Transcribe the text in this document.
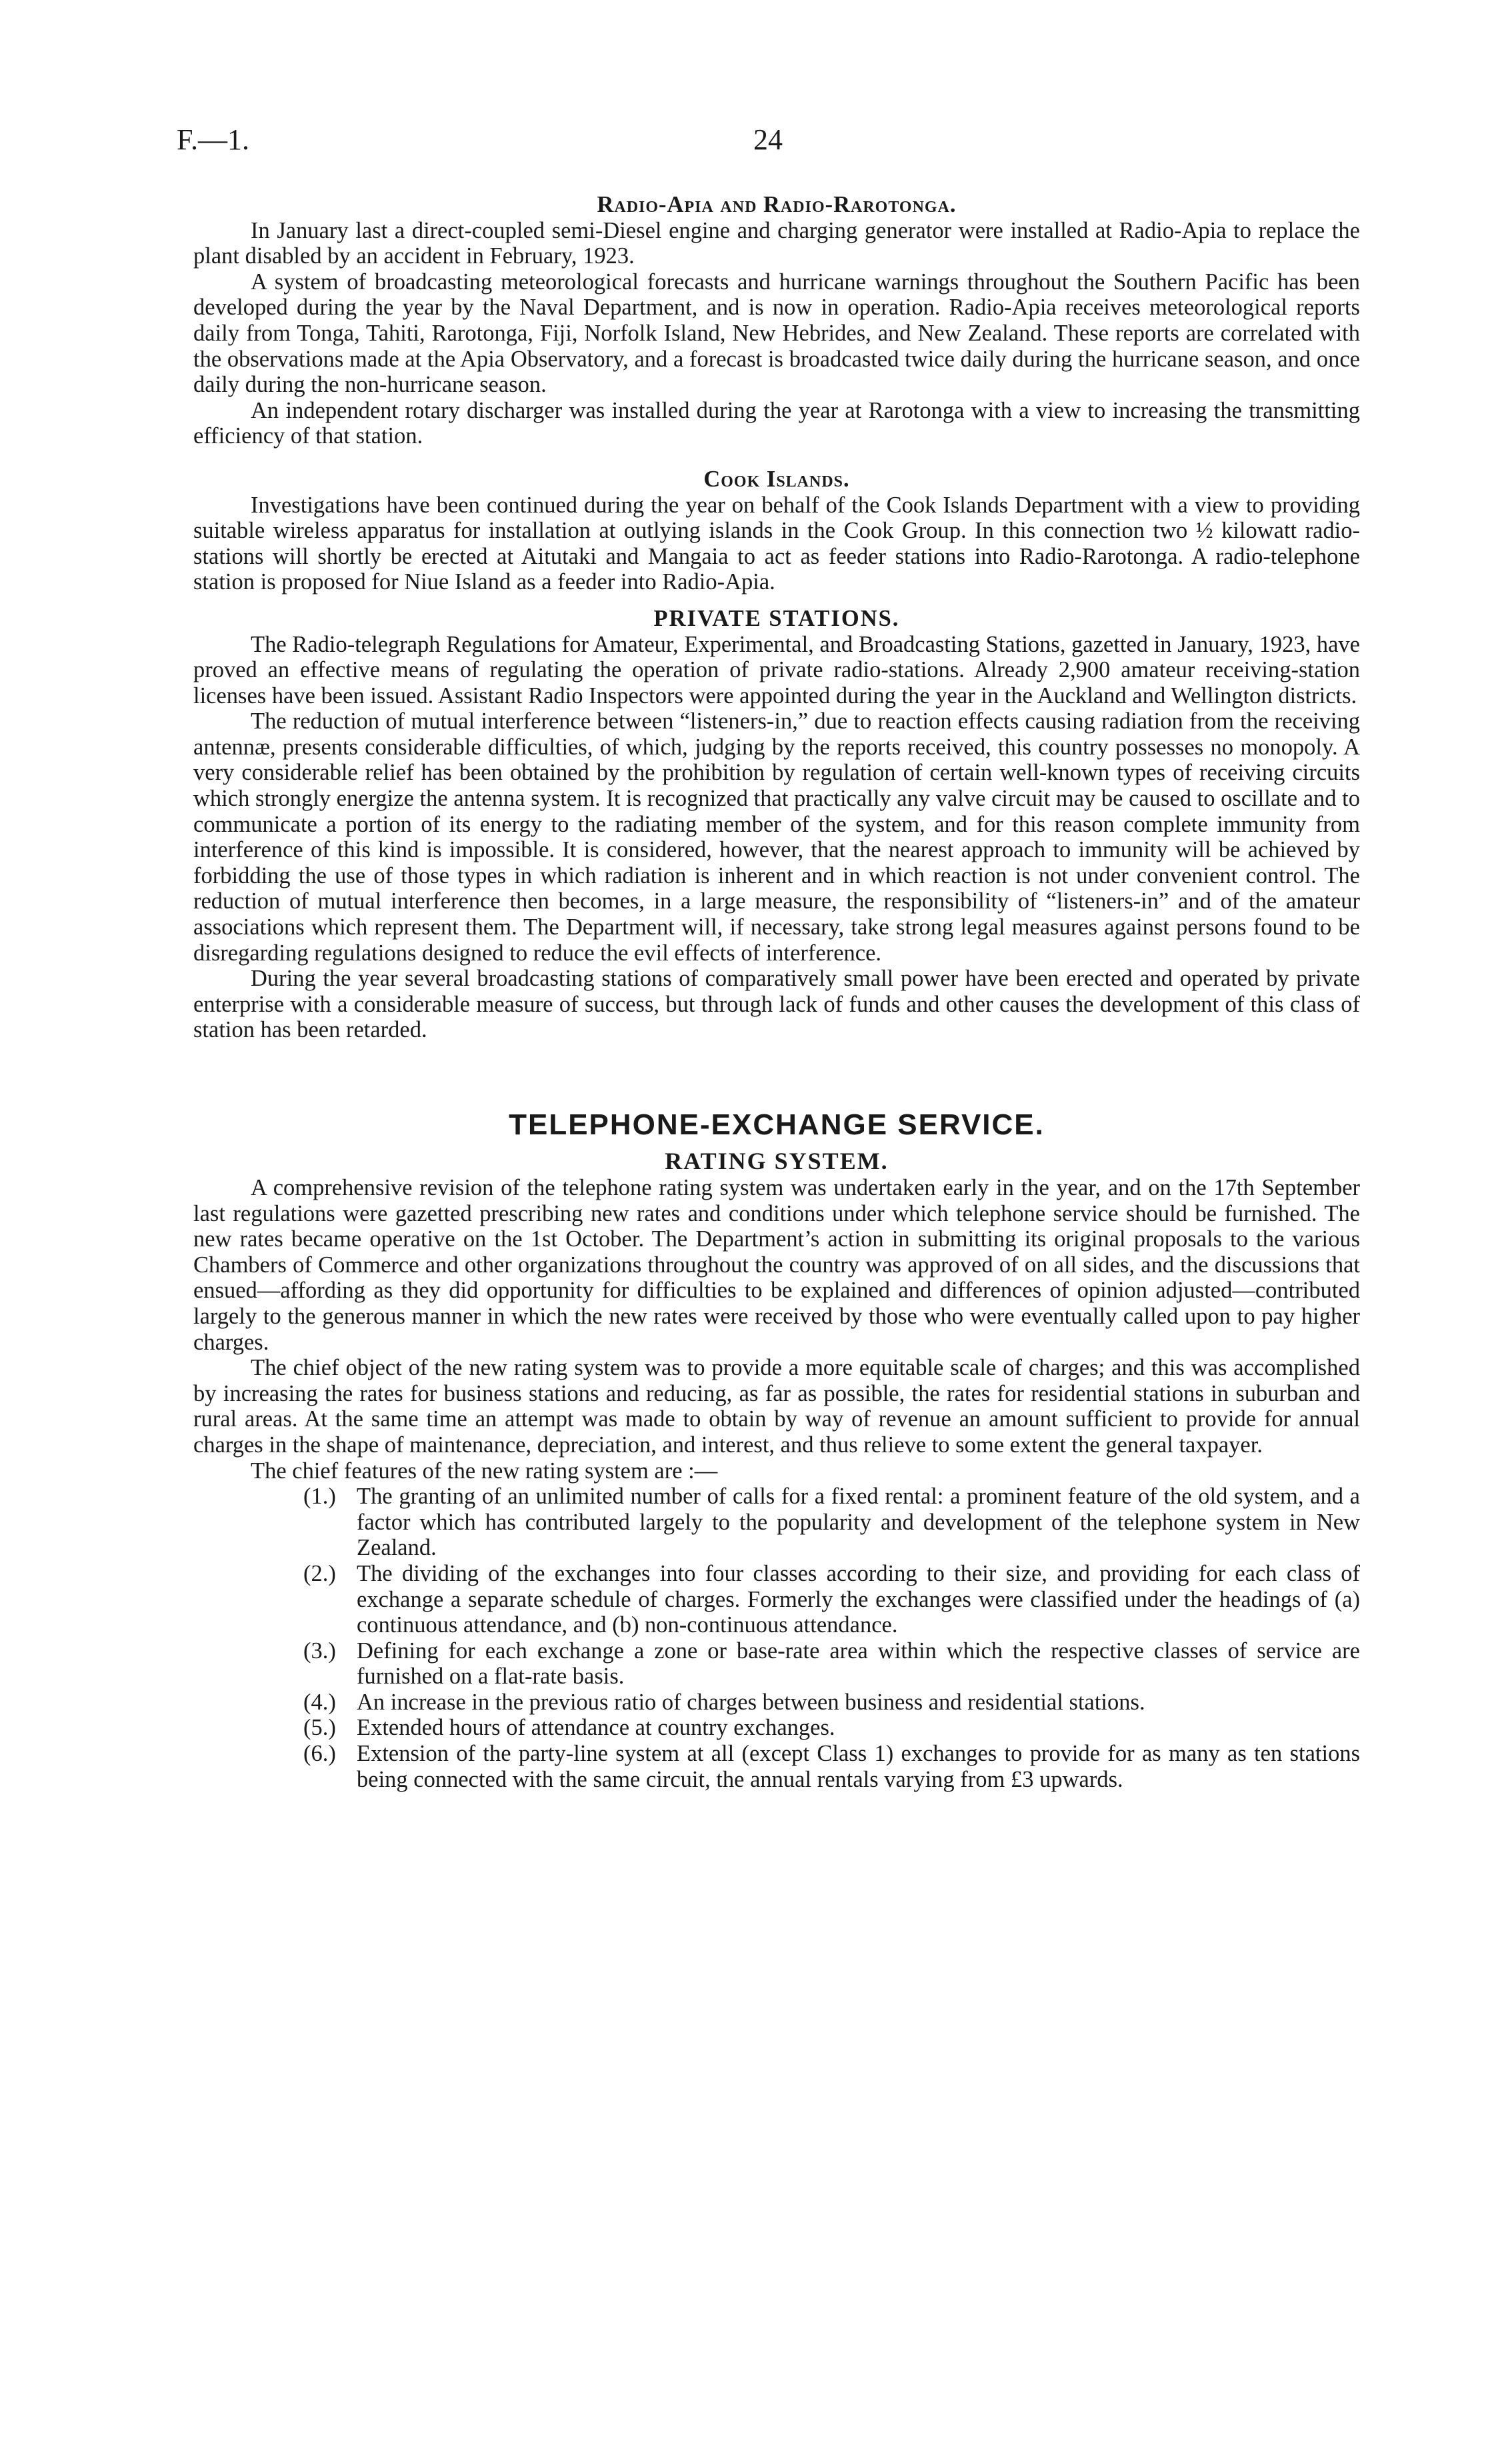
F.—1.	24
Radio-Apia and Radio-Rarotonga.

In January last a direct-coupled semi-Diesel engine and charging generator were installed at Radio-Apia to replace the plant disabled by an accident in February, 1923.

A system of broadcasting meteorological forecasts and hurricane warnings throughout the Southern Pacific has been developed during the year by the Naval Department, and is now in operation. Radio-Apia receives meteorological reports daily from Tonga, Tahiti, Rarotonga, Fiji, Norfolk Island, New Hebrides, and New Zealand. These reports are correlated with the observations made at the Apia Observatory, and a forecast is broadcasted twice daily during the hurricane season, and once daily during the non-hurricane season.

An independent rotary discharger was installed during the year at Rarotonga with a view to increasing the transmitting efficiency of that station.

Cook Islands.

Investigations have been continued during the year on behalf of the Cook Islands Department with a view to providing suitable wireless apparatus for installation at outlying islands in the Cook Group. In this connection two ½ kilowatt radio-stations will shortly be erected at Aitutaki and Mangaia to act as feeder stations into Radio-Rarotonga. A radio-telephone station is proposed for Niue Island as a feeder into Radio-Apia.

PRIVATE STATIONS.

The Radio-telegraph Regulations for Amateur, Experimental, and Broadcasting Stations, gazetted in January, 1923, have proved an effective means of regulating the operation of private radio-stations. Already 2,900 amateur receiving-station licenses have been issued. Assistant Radio Inspectors were appointed during the year in the Auckland and Wellington districts.

The reduction of mutual interference between “listeners-in,” due to reaction effects causing radiation from the receiving antennæ, presents considerable difficulties, of which, judging by the reports received, this country possesses no monopoly. A very considerable relief has been obtained by the prohibition by regulation of certain well-known types of receiving circuits which strongly energize the antenna system. It is recognized that practically any valve circuit may be caused to oscillate and to communicate a portion of its energy to the radiating member of the system, and for this reason complete immunity from interference of this kind is impossible. It is considered, however, that the nearest approach to immunity will be achieved by forbidding the use of those types in which radiation is inherent and in which reaction is not under convenient control. The reduction of mutual interference then becomes, in a large measure, the responsibility of “listeners-in” and of the amateur associations which represent them. The Department will, if necessary, take strong legal measures against persons found to be disregarding regulations designed to reduce the evil effects of interference.

During the year several broadcasting stations of comparatively small power have been erected and operated by private enterprise with a considerable measure of success, but through lack of funds and other causes the development of this class of station has been retarded.

TELEPHONE-EXCHANGE SERVICE.
RATING SYSTEM.

A comprehensive revision of the telephone rating system was undertaken early in the year, and on the 17th September last regulations were gazetted prescribing new rates and conditions under which telephone service should be furnished. The new rates became operative on the 1st October. The Department’s action in submitting its original proposals to the various Chambers of Commerce and other organizations throughout the country was approved of on all sides, and the discussions that ensued—affording as they did opportunity for difficulties to be explained and differences of opinion adjusted—contributed largely to the generous manner in which the new rates were received by those who were eventually called upon to pay higher charges.

The chief object of the new rating system was to provide a more equitable scale of charges; and this was accomplished by increasing the rates for business stations and reducing, as far as possible, the rates for residential stations in suburban and rural areas. At the same time an attempt was made to obtain by way of revenue an amount sufficient to provide for annual charges in the shape of maintenance, depreciation, and interest, and thus relieve to some extent the general taxpayer.

The chief features of the new rating system are :—

(1.) The granting of an unlimited number of calls for a fixed rental: a prominent feature of the old system, and a factor which has contributed largely to the popularity and development of the telephone system in New Zealand.
(2.) The dividing of the exchanges into four classes according to their size, and providing for each class of exchange a separate schedule of charges. Formerly the exchanges were classified under the headings of (a) continuous attendance, and (b) non-continuous attendance.
(3.) Defining for each exchange a zone or base-rate area within which the respective classes of service are furnished on a flat-rate basis.
(4.) An increase in the previous ratio of charges between business and residential stations.
(5.) Extended hours of attendance at country exchanges.
(6.) Extension of the party-line system at all (except Class 1) exchanges to provide for as many as ten stations being connected with the same circuit, the annual rentals varying from £3 upwards.
